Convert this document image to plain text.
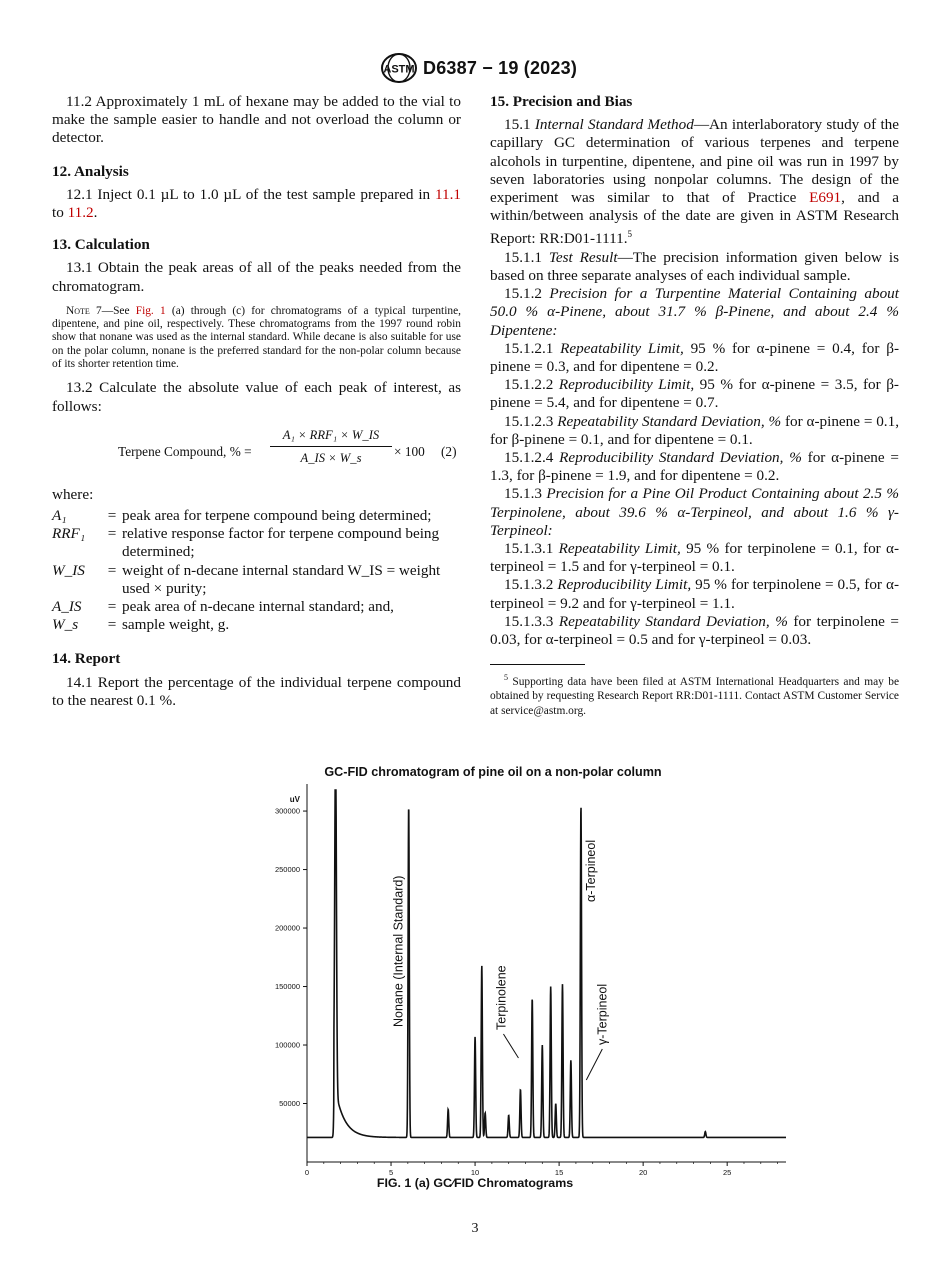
ASTM D6387 − 19 (2023)

11.2 Approximately 1 mL of hexane may be added to the vial to make the sample easier to handle and not overload the column or detector.

12. Analysis

12.1 Inject 0.1 µL to 1.0 µL of the test sample prepared in 11.1 to 11.2.

13. Calculation

13.1 Obtain the peak areas of all of the peaks needed from the chromatogram.

Note 7—See Fig. 1 (a) through (c) for chromatograms of a typical turpentine, dipentene, and pine oil, respectively. These chromatograms from the 1997 round robin show that nonane was used as the internal standard. While decane is also suitable for use on the polar column, nonane is the preferred standard for the non-polar column because of its shorter retention time.

13.2 Calculate the absolute value of each peak of interest, as follows:

Terpene Compound, % =
A₁ × RRF₁ × W_IS
A_IS × W_s	× 100 (2)

where:

A₁	=	peak area for terpene compound being determined;
RRF₁	=	relative response factor for terpene compound being determined;
W_IS	=	weight of n-decane internal standard W_IS = weight used × purity;
A_IS	=	peak area of n-decane internal standard; and,
W_s	=	sample weight, g.

14. Report

14.1 Report the percentage of the individual terpene compound to the nearest 0.1 %.

15. Precision and Bias

15.1 Internal Standard Method—An interlaboratory study of the capillary GC determination of various terpenes and terpene alcohols in turpentine, dipentene, and pine oil was run in 1997 by seven laboratories using nonpolar columns. The design of the experiment was similar to that of Practice E691, and a within/between analysis of the date are given in ASTM Research Report: RR:D01-1111.$^5$

15.1.1 Test Result—The precision information given below is based on three separate analyses of each individual sample.

15.1.2 Precision for a Turpentine Material Containing about 50.0 % α-Pinene, about 31.7 % β-Pinene, and about 2.4 % Dipentene:

15.1.2.1 Repeatability Limit, 95 % for α-pinene = 0.4, for β-pinene = 0.3, and for dipentene = 0.2.

15.1.2.2 Reproducibility Limit, 95 % for α-pinene = 3.5, for β-pinene = 5.4, and for dipentene = 0.7.

15.1.2.3 Repeatability Standard Deviation, % for α-pinene = 0.1, for β-pinene = 0.1, and for dipentene = 0.1.

15.1.2.4 Reproducibility Standard Deviation, % for α-pinene = 1.3, for β-pinene = 1.9, and for dipentene = 0.2.

15.1.3 Precision for a Pine Oil Product Containing about 2.5 % Terpinolene, about 39.6 % α-Terpineol, and about 1.6 % γ-Terpineol:

15.1.3.1 Repeatability Limit, 95 % for terpinolene = 0.1, for α-terpineol = 1.5 and for γ-terpineol = 0.1.

15.1.3.2 Reproducibility Limit, 95 % for terpinolene = 0.5, for α-terpineol = 9.2 and for γ-terpineol = 1.1.

15.1.3.3 Repeatability Standard Deviation, % for terpinolene = 0.03, for α-terpineol = 0.5 and for γ-terpineol = 0.03.

$^5$ Supporting data have been filed at ASTM International Headquarters and may be obtained by requesting Research Report RR:D01-1111. Contact ASTM Customer Service at service@astm.org.

GC-FID chromatogram of pine oil on a non-polar column
uV
0	5	10	15	20	25
50000
100000
150000
200000
250000
300000
Nonane (Internal Standard)	Terpinolene
α-Terpineol
γ-Terpineol
FIG. 1 (a) GC⁄FID Chromatograms
3
